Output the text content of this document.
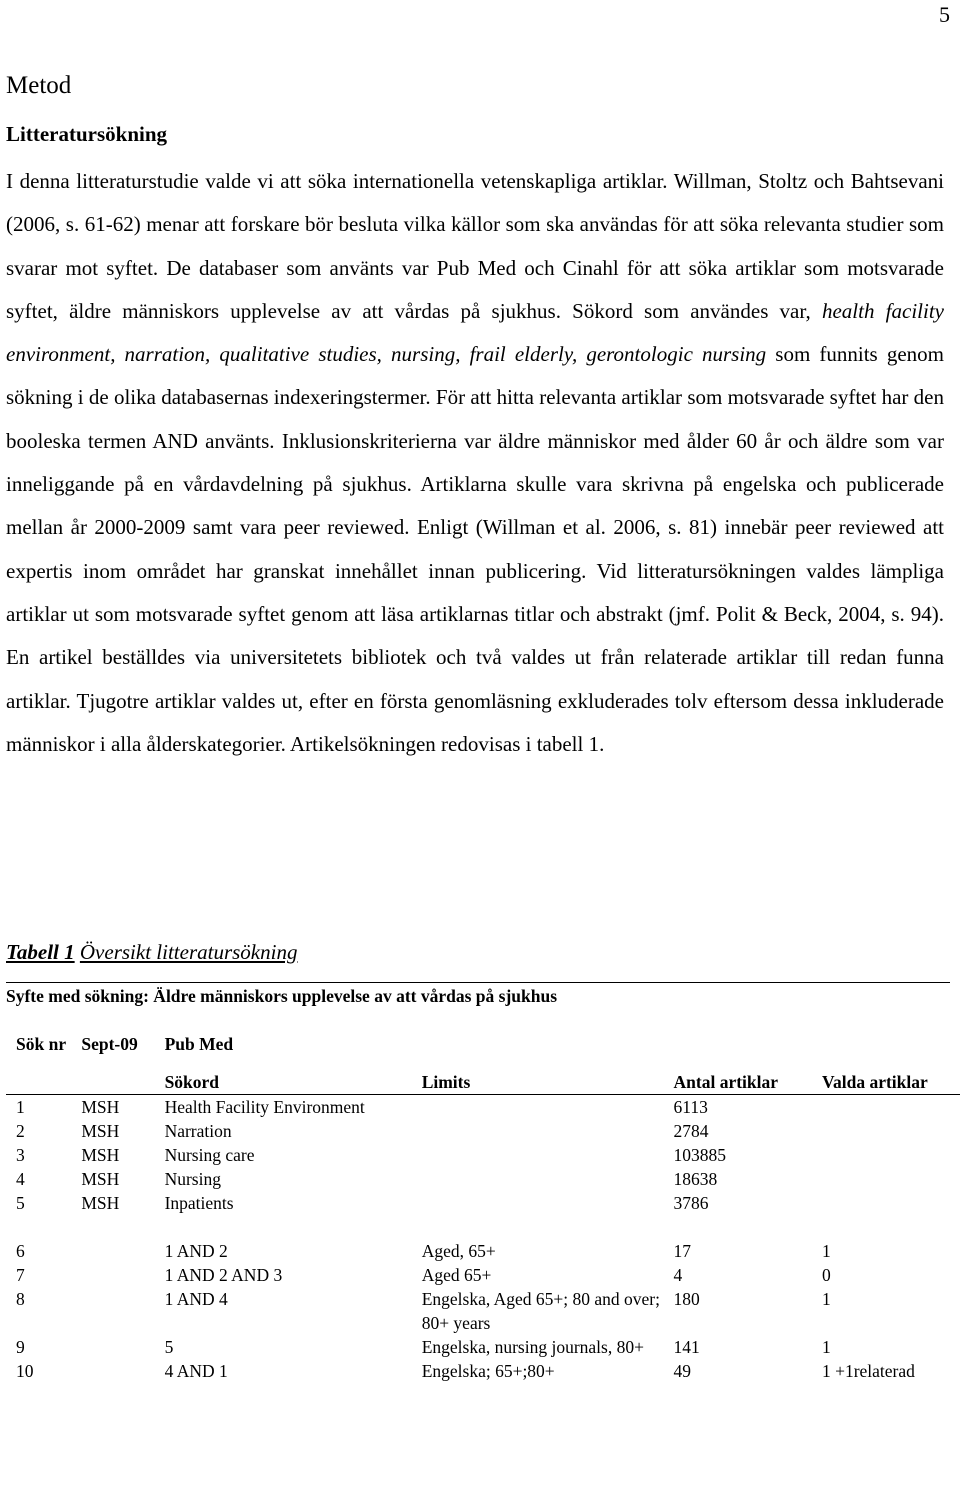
5
Metod
Litteratursökning

I denna litteraturstudie valde vi att söka internationella vetenskapliga artiklar. Willman, Stoltz och Bahtsevani (2006, s. 61-62) menar att forskare bör besluta vilka källor som ska användas för att söka relevanta studier som svarar mot syftet. De databaser som använts var Pub Med och Cinahl för att söka artiklar som motsvarade syftet, äldre människors upplevelse av att vårdas på sjukhus. Sökord som användes var, health facility environment, narration, qualitative studies, nursing, frail elderly, gerontologic nursing som funnits genom sökning i de olika databasernas indexeringstermer. För att hitta relevanta artiklar som motsvarade syftet har den booleska termen AND använts. Inklusionskriterierna var äldre människor med ålder 60 år och äldre som var inneliggande på en vårdavdelning på sjukhus. Artiklarna skulle vara skrivna på engelska och publicerade mellan år 2000-2009 samt vara peer reviewed. Enligt (Willman et al. 2006, s. 81) innebär peer reviewed att expertis inom området har granskat innehållet innan publicering. Vid litteratursökningen valdes lämpliga artiklar ut som motsvarade syftet genom att läsa artiklarnas titlar och abstrakt (jmf. Polit & Beck, 2004, s. 94). En artikel beställdes via universitetets bibliotek och två valdes ut från relaterade artiklar till redan funna artiklar. Tjugotre artiklar valdes ut, efter en första genomläsning exkluderades tolv eftersom dessa inkluderade människor i alla ålderskategorier. Artikelsökningen redovisas i tabell 1.

Tabell 1 Översikt litteratursökning
Syfte med sökning: Äldre människors upplevelse av att vårdas på sjukhus
Sök nr	Sept-09	Pub Med			
		Sökord	Limits	Antal artiklar	Valda artiklar
1	MSH	Health Facility Environment		6113	
2	MSH	Narration		2784	
3	MSH	Nursing care		103885	
4	MSH	Nursing		18638	
5	MSH	Inpatients		3786	

6		1 AND 2	Aged, 65+	17	1
7		1 AND 2 AND 3	Aged 65+	4	0
8		1 AND 4	Engelska, Aged 65+; 80 and over; 80+ years	180	1
9		5	Engelska, nursing journals, 80+	141	1
10		4 AND 1	Engelska; 65+;80+	49	1 +1relaterad
